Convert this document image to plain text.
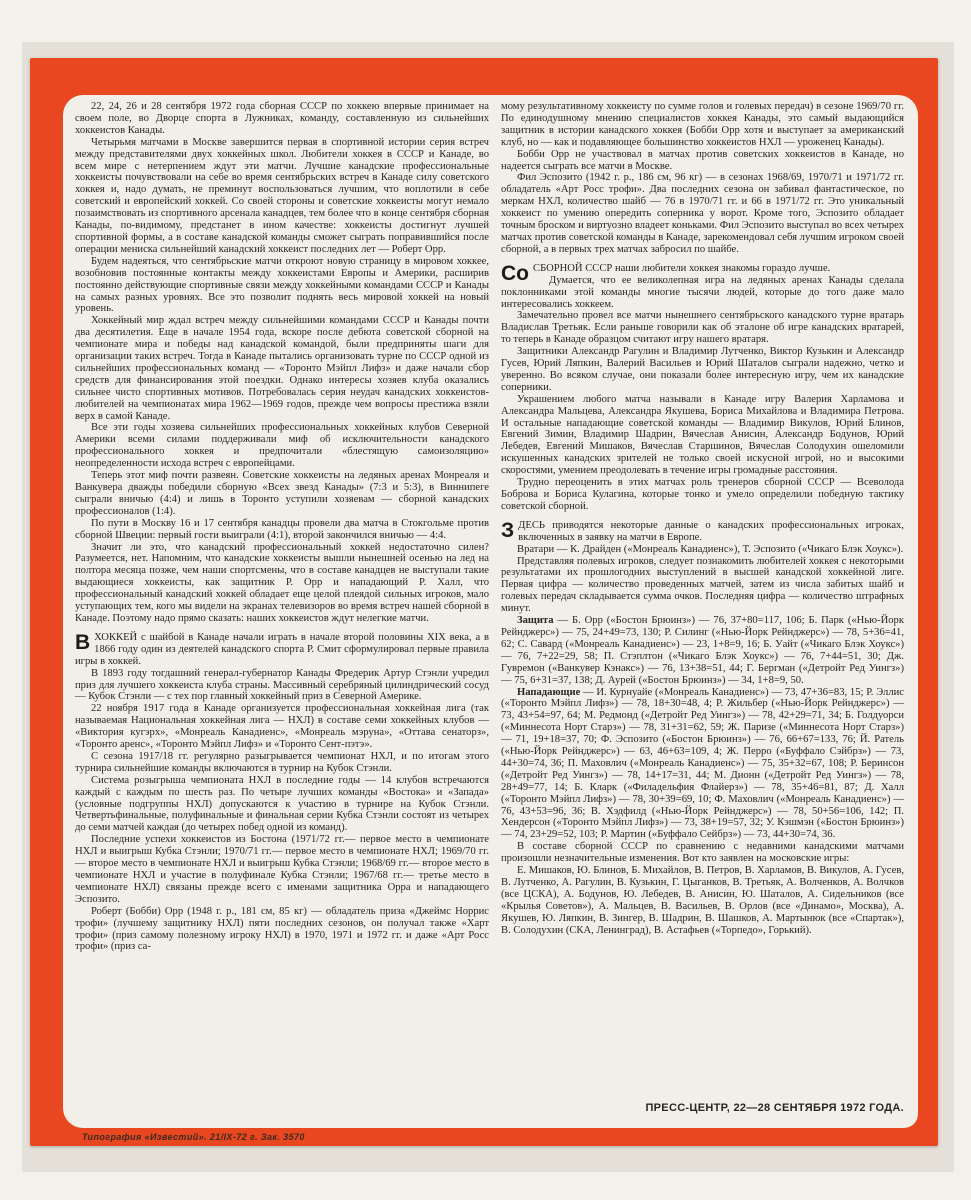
22, 24, 26 и 28 сентября 1972 года сборная СССР по хоккею впервые принимает на своем поле, во Дворце спорта в Лужниках, команду, составленную из сильнейших хоккеистов Канады.

Четырьмя матчами в Москве завершится первая в спортивной истории серия встреч между представителями двух хоккейных школ. Любители хоккея в СССР и Канаде, во всем мире с нетерпением ждут эти матчи. Лучшие канадские профессиональные хоккеисты почувствовали на себе во время сентябрьских встреч в Канаде силу советского хоккея и, надо думать, не преминут воспользоваться лучшим, что воплотили в себе советский и европейский хоккей. Со своей стороны и советские хоккеисты могут немало позаимствовать из спортивного арсенала канадцев, тем более что в конце сентября сборная Канады, по-видимому, предстанет в ином качестве: хоккеисты достигнут лучшей спортивной формы, а в составе канадской команды сможет сыграть поправившийся после операции мениска сильнейший канадский хоккеист последних лет — Роберт Орр.

Будем надеяться, что сентябрьские матчи откроют новую страницу в мировом хоккее, возобновив постоянные контакты между хоккеистами Европы и Америки, расширив постоянно действующие спортивные связи между хоккейными командами СССР и Канады на самых разных уровнях. Все это позволит поднять весь мировой хоккей на новый уровень.

Хоккейный мир ждал встреч между сильнейшими командами СССР и Канады почти два десятилетия. Еще в начале 1954 года, вскоре после дебюта советской сборной на чемпионате мира и победы над канадской командой, были предприняты шаги для организации таких встреч. Тогда в Канаде пытались организовать турне по СССР одной из сильнейших профессиональных команд — «Торонто Мэйпл Лифз» и даже начали сбор средств для финансирования этой поездки. Однако интересы хозяев клуба оказались сильнее чисто спортивных мотивов. Потребовалась серия неудач канадских хоккеистов-любителей на чемпионатах мира 1962—1969 годов, прежде чем вопросы престижа взяли верх в самой Канаде.

Все эти годы хозяева сильнейших профессиональных хоккейных клубов Северной Америки всеми силами поддерживали миф об исключительности канадского профессионального хоккея и предпочитали «блестящую самоизоляцию» неопределенности исхода встреч с европейцами.

Теперь этот миф почти развеян. Советские хоккеисты на ледяных аренах Монреаля и Ванкувера дважды победили сборную «Всех звезд Канады» (7:3 и 5:3), в Виннипеге сыграли вничью (4:4) и лишь в Торонто уступили хозяевам — сборной канадских профессионалов (1:4).

По пути в Москву 16 и 17 сентября канадцы провели два матча в Стокгольме против сборной Швеции: первый гости выиграли (4:1), второй закончился вничью — 4:4.

Значит ли это, что канадский профессиональный хоккей недостаточно силен? Разумеется, нет. Напомним, что канадские хоккеисты вышли нынешней осенью на лед на полтора месяца позже, чем наши спортсмены, что в составе канадцев не выступали такие выдающиеся хоккеисты, как защитник Р. Орр и нападающий Р. Халл, что профессиональный канадский хоккей обладает еще целой плеядой сильных игроков, мало уступающих тем, кого мы видели на экранах телевизоров во время встреч нашей сборной в Канаде. Поэтому надо прямо сказать: наших хоккеистов ждут нелегкие матчи.

ВХОККЕЙ с шайбой в Канаде начали играть в начале второй половины XIX века, а в 1866 году один из деятелей канадского спорта Р. Смит сформулировал первые правила игры в хоккей.

В 1893 году тогдашний генерал-губернатор Канады Фредерик Артур Стэнли учредил приз для лучшего хоккеиста клуба страны. Массивный серебряный цилиндрический сосуд — Кубок Стэнли — с тех пор главный хоккейный приз в Северной Америке.

22 ноября 1917 года в Канаде организуется профессиональная хоккейная лига (так называемая Национальная хоккейная лига — НХЛ) в составе семи хоккейных клубов — «Виктория кугэрх», «Монреаль Канадиенс», «Монреаль мэруна», «Оттава сенаторз», «Торонто аренс», «Торонто Мэйпл Лифз» и «Торонто Сент-пэтэ».

С сезона 1917/18 гг. регулярно разыгрывается чемпионат НХЛ, и по итогам этого турнира сильнейшие команды включаются в турнир на Кубок Стэнли.

Система розыгрыша чемпионата НХЛ в последние годы — 14 клубов встречаются каждый с каждым по шесть раз. По четыре лучших команды «Востока» и «Запада» (условные подгруппы НХЛ) допускаются к участию в турнире на Кубок Стэнли. Четвертьфинальные, полуфинальные и финальная серии Кубка Стэнли состоят из четырех до семи матчей каждая (до четырех побед одной из команд).

Последние успехи хоккеистов из Бостона (1971/72 гг.— первое место в чемпионате НХЛ и выигрыш Кубка Стэнли; 1970/71 гг.— первое место в чемпионате НХЛ; 1969/70 гг.— второе место в чемпионате НХЛ и выигрыш Кубка Стэнли; 1968/69 гг.— второе место в чемпионате НХЛ и участие в полуфинале Кубка Стэнли; 1967/68 гг.— третье место в чемпионате НХЛ) связаны прежде всего с именами защитника Орра и нападающего Эспозито.

Роберт (Бобби) Орр (1948 г. р., 181 см, 85 кг) — обладатель приза «Джеймс Норрис трофи» (лучшему защитнику НХЛ) пяти последних сезонов, он получал также «Харт трофи» (приз самому полезному игроку НХЛ) в 1970, 1971 и 1972 гг. и даже «Арт Росс трофи» (приз са-

мому результативному хоккеисту по сумме голов и голевых передач) в сезоне 1969/70 гг. По единодушному мнению специалистов хоккея Канады, это самый выдающийся защитник в истории канадского хоккея (Бобби Орр хотя и выступает за американский клуб, но — как и подавляющее большинство хоккеистов НХЛ — уроженец Канады).

Бобби Орр не участвовал в матчах против советских хоккеистов в Канаде, но надеется сыграть все матчи в Москве.

Фил Эспозито (1942 г. р., 186 см, 96 кг) — в сезонах 1968/69, 1970/71 и 1971/72 гг. обладатель «Арт Росс трофи». Два последних сезона он забивал фантастическое, по меркам НХЛ, количество шайб — 76 в 1970/71 гг. и 66 в 1971/72 гг. Это уникальный хоккеист по умению опередить соперника у ворот. Кроме того, Эспозито обладает точным броском и виртуозно владеет коньками. Фил Эспозито выступал во всех четырех матчах против советской команды в Канаде, зарекомендовал себя лучшим игроком своей сборной, а в первых трех матчах забросил по шайбе.

Со СБОРНОЙ СССР наши любители хоккея знакомы гораздо лучше.

Думается, что ее великолепная игра на ледяных аренах Канады сделала поклонниками этой команды многие тысячи людей, которые до того даже мало интересовались хоккеем.

Замечательно провел все матчи нынешнего сентябрьского канадского турне вратарь Владислав Третьяк. Если раньше говорили как об эталоне об игре канадских вратарей, то теперь в Канаде образцом считают игру нашего вратаря.

Защитники Александр Рагулин и Владимир Лутченко, Виктор Кузькин и Александр Гусев, Юрий Ляпкин, Валерий Васильев и Юрий Шаталов сыграли надежно, четко и уверенно. Во всяком случае, они показали более интересную игру, чем их канадские соперники.

Украшением любого матча называли в Канаде игру Валерия Харламова и Александра Мальцева, Александра Якушева, Бориса Михайлова и Владимира Петрова. И остальные нападающие советской команды — Владимир Викулов, Юрий Блинов, Евгений Зимин, Владимир Шадрин, Вячеслав Анисин, Александр Бодунов, Юрий Лебедев, Евгений Мишаков, Вячеслав Старшинов, Вячеслав Солодухин ошеломили искушенных канадских зрителей не только своей искусной игрой, но и высокими скоростями, умением преодолевать в течение игры громадные расстояния.

Трудно переоценить в этих матчах роль тренеров сборной СССР — Всеволода Боброва и Бориса Кулагина, которые тонко и умело определили победную тактику советской сборной.

ЗДЕСЬ приводятся некоторые данные о канадских профессиональных игроках, включенных в заявку на матчи в Европе.

Вратари — К. Драйден («Монреаль Канадиенс»), Т. Эспозито («Чикаго Блэк Хоукс»).

Представляя полевых игроков, следует познакомить любителей хоккея с некоторыми результатами их прошлогодних выступлений в высшей канадской хоккейной лиге. Первая цифра — количество проведенных матчей, затем из числа забитых шайб и голевых передач складывается сумма очков. Последняя цифра — количество штрафных минут.

Защита — Б. Орр («Бостон Брюинз») — 76, 37+80=117, 106; Б. Парк («Нью-Йорк Рейнджерс») — 75, 24+49=73, 130; Р. Силинг («Нью-Йорк Рейнджерс») — 78, 5+36=41, 62; С. Савард («Монреаль Канадиенс») — 23, 1+8=9, 16; Б. Уайт («Чикаго Блэк Хоукс») — 76, 7+22=29, 58; П. Стэплтон («Чикаго Блэк Хоукс») — 76, 7+44=51, 30; Дж. Гувремон («Ванкувер Кэнакс») — 76, 13+38=51, 44; Г. Бергман («Детройт Ред Уингз») — 75, 6+31=37, 138; Д. Аурей («Бостон Брюинз») — 34, 1+8=9, 50.

Нападающие — И. Курнуайе («Монреаль Канадиенс») — 73, 47+36=83, 15; Р. Эллис («Торонто Мэйпл Лифз») — 78, 18+30=48, 4; Р. Жильбер («Нью-Йорк Рейнджерс») — 73, 43+54=97, 64; М. Редмонд («Детройт Ред Уингз») — 78, 42+29=71, 34; Б. Голдуорси («Миннесота Норт Старз») — 78, 31+31=62, 59; Ж. Паризе («Миннесота Норт Старз») — 71, 19+18=37, 70; Ф. Эспозито («Бостон Брюинз») — 76, 66+67=133, 76; Й. Ратель («Нью-Йорк Рейнджерс») — 63, 46+63=109, 4; Ж. Перро («Буффало Сэйбрз») — 73, 44+30=74, 36; П. Маховлич («Монреаль Канадиенс») — 75, 35+32=67, 108; Р. Беринсон («Детройт Ред Уингз») — 78, 14+17=31, 44; М. Дионн («Детройт Ред Уингз») — 78, 28+49=77, 14; Б. Кларк («Филадельфия Флайерз») — 78, 35+46=81, 87; Д. Халл («Торонто Мэйпл Лифз») — 78, 30+39=69, 10; Ф. Маховлич («Монреаль Канадиенс») — 76, 43+53=96, 36; В. Хэдфилд («Нью-Йорк Рейнджерс») — 78, 50+56=106, 142; П. Хендерсон («Торонто Мэйпл Лифз») — 73, 38+19=57, 32; У. Кэшмэн («Бостон Брюинз») — 74, 23+29=52, 103; Р. Мартин («Буффало Сейбрз») — 73, 44+30=74, 36.

В составе сборной СССР по сравнению с недавними канадскими матчами произошли незначительные изменения. Вот кто заявлен на московские игры:

Е. Мишаков, Ю. Блинов, Б. Михайлов, В. Петров, В. Харламов, В. Викулов, А. Гусев, В. Лутченко, А. Рагулин, В. Кузькин, Г. Цыганков, В. Третьяк, А. Волченков, А. Волчков (все ЦСКА), А. Бодунов, Ю. Лебедев, В. Анисин, Ю. Шаталов, А. Сидельников (все «Крылья Советов»), А. Мальцев, В. Васильев, В. Орлов (все «Динамо», Москва), А. Якушев, Ю. Ляпкин, В. Зингер, В. Шадрин, В. Шашков, А. Мартынюк (все «Спартак»), В. Солодухин (СКА, Ленинград), В. Астафьев («Торпедо», Горький).

ПРЕСС-ЦЕНТР, 22—28 СЕНТЯБРЯ 1972 ГОДА.
Типография «Известий». 21/IX-72 г. Зак. 3570
